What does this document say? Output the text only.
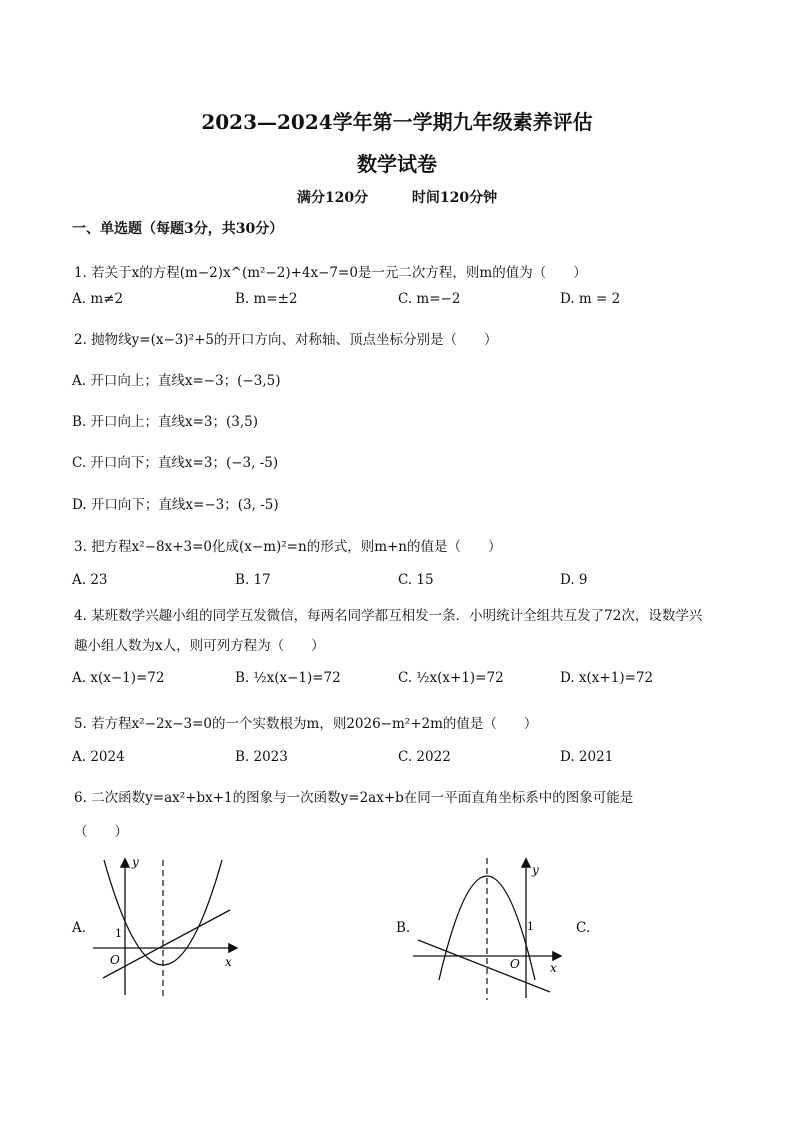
2023—2024学年第一学期九年级素养评估
数学试卷
满分120分	时间120分钟
一、单选题（每题3分，共30分）
1. 若关于x的方程(m−2)x^(m²−2)+4x−7=0是一元二次方程，则m的值为（　　）
A. m≠2	B. m=±2	C. m=−2	D. m = 2
2. 抛物线y=(x−3)²+5的开口方向、对称轴、顶点坐标分别是（　　）
A. 开口向上；直线x=−3；(−3,5)
B. 开口向上；直线x=3；(3,5)
C. 开口向下；直线x=3；(−3, -5)
D. 开口向下；直线x=−3；(3, -5)
3. 把方程x²−8x+3=0化成(x−m)²=n的形式，则m+n的值是（　　）
A. 23	B. 17	C. 15	D. 9
4. 某班数学兴趣小组的同学互发微信，每两名同学都互相发一条．小明统计全组共互发了72次，设数学兴
趣小组人数为x人，则可列方程为（　　）
A. x(x−1)=72	B. ½x(x−1)=72	C. ½x(x+1)=72	D. x(x+1)=72
5. 若方程x²−2x−3=0的一个实数根为m，则2026−m²+2m的值是（　　）
A. 2024	B. 2023	C. 2022	D. 2021
6. 二次函数y=ax²+bx+1的图象与一次函数y=2ax+b在同一平面直角坐标系中的图象可能是
（　　）
A.	B.	C.
y
x
O
1
y
x
O
1
